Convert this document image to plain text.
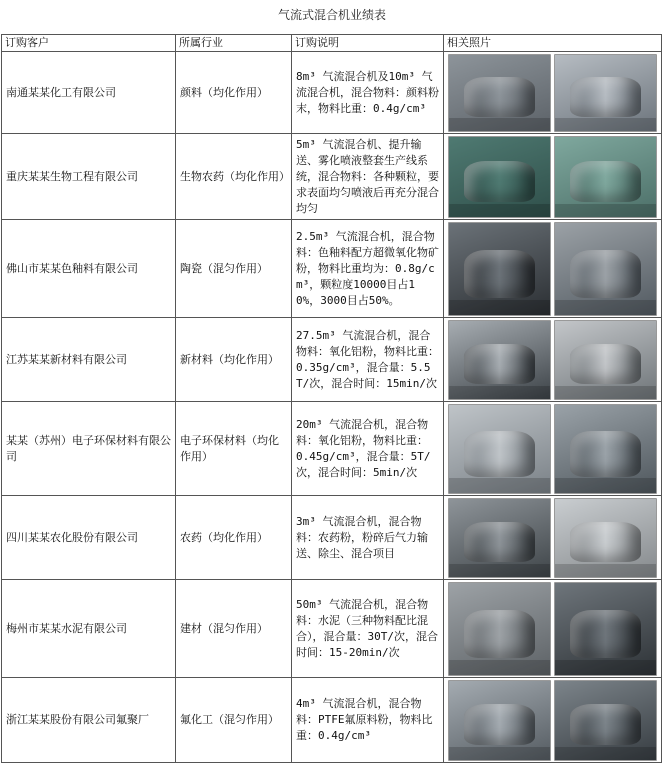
气流式混合机业绩表
订购客户	所属行业	订购说明	相关照片
南通某某化工有限公司	颜料（均化作用）	8m³ 气流混合机及10m³ 气流混合机，混合物料：颜料粉末，物料比重：0.4g/cm³	

重庆某某生物工程有限公司	生物农药（均化作用）	5m³ 气流混合机、提升输送、雾化喷液整套生产线系统，混合物料：各种颗粒，要求表面均匀喷液后再充分混合均匀	

佛山市某某色釉料有限公司	陶瓷（混匀作用）	2.5m³ 气流混合机，混合物料：色釉料配方超微氧化物矿粉，物料比重均为：0.8g/cm³，颗粒度10000目占10%，3000目占50%。	

江苏某某新材料有限公司	新材料（均化作用）	27.5m³ 气流混合机，混合物料：氧化铝粉，物料比重：0.35g/cm³，混合量：5.5T/次，混合时间：15min/次	

某某（苏州）电子环保材料有限公司	电子环保材料（均化作用）	20m³ 气流混合机，混合物料：氧化铝粉，物料比重：0.45g/cm³，混合量：5T/次，混合时间：5min/次	

四川某某农化股份有限公司	农药（均化作用）	3m³ 气流混合机，混合物料：农药粉，粉碎后气力输送、除尘、混合项目	

梅州市某某水泥有限公司	建材（混匀作用）	50m³ 气流混合机，混合物料：水泥（三种物料配比混合），混合量：30T/次，混合时间：15-20min/次	

浙江某某股份有限公司氟聚厂	氟化工（混匀作用）	4m³ 气流混合机，混合物料：PTFE氟原料粉，物料比重：0.4g/cm³	
